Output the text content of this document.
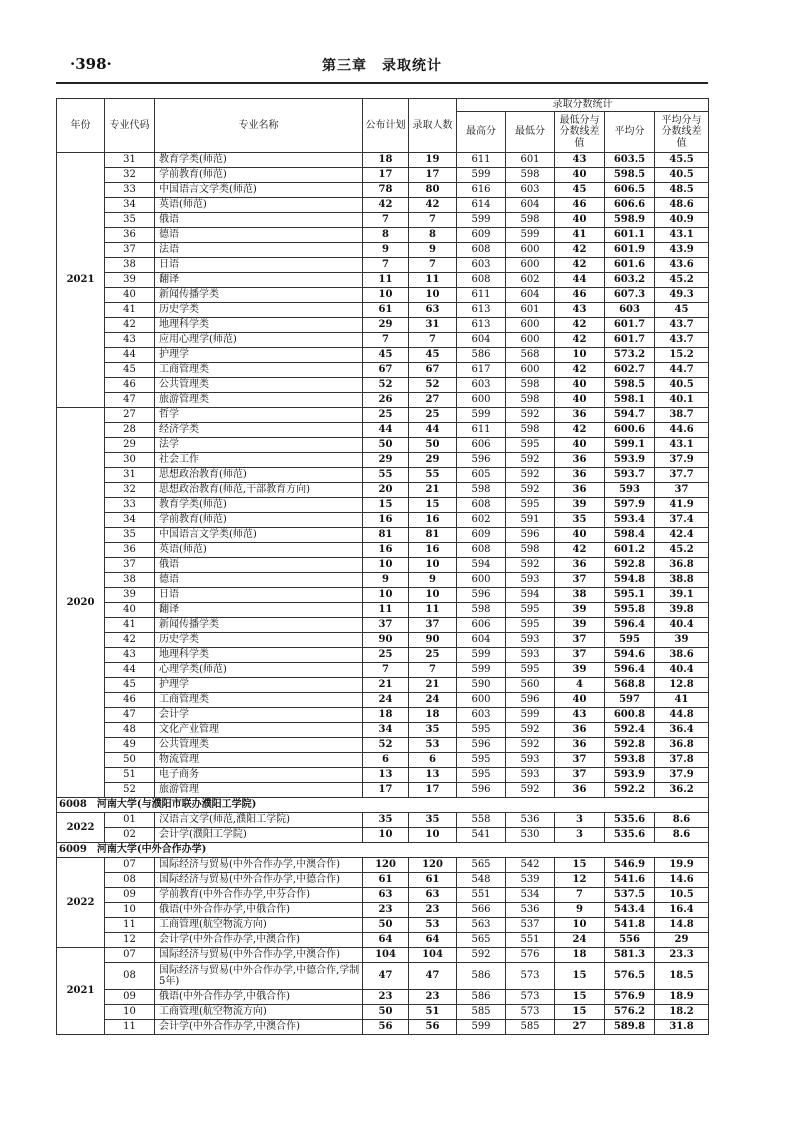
·398·	第三章　录取统计
年份	专业代码	专业名称	公布计划	录取人数	录取分数统计				
					最高分	最低分	最低分与分数线差值	平均分	平均分与分数线差值
2021	31	教育学类(师范)	18	19	611	601	43	603.5	45.5
	32	学前教育(师范)	17	17	599	598	40	598.5	40.5
	33	中国语言文学类(师范)	78	80	616	603	45	606.5	48.5
	34	英语(师范)	42	42	614	604	46	606.6	48.6
	35	俄语	7	7	599	598	40	598.9	40.9
	36	德语	8	8	609	599	41	601.1	43.1
	37	法语	9	9	608	600	42	601.9	43.9
	38	日语	7	7	603	600	42	601.6	43.6
	39	翻译	11	11	608	602	44	603.2	45.2
	40	新闻传播学类	10	10	611	604	46	607.3	49.3
	41	历史学类	61	63	613	601	43	603	45
	42	地理科学类	29	31	613	600	42	601.7	43.7
	43	应用心理学(师范)	7	7	604	600	42	601.7	43.7
	44	护理学	45	45	586	568	10	573.2	15.2
	45	工商管理类	67	67	617	600	42	602.7	44.7
	46	公共管理类	52	52	603	598	40	598.5	40.5
	47	旅游管理类	26	27	600	598	40	598.1	40.1
2020	27	哲学	25	25	599	592	36	594.7	38.7
	28	经济学类	44	44	611	598	42	600.6	44.6
	29	法学	50	50	606	595	40	599.1	43.1
	30	社会工作	29	29	596	592	36	593.9	37.9
	31	思想政治教育(师范)	55	55	605	592	36	593.7	37.7
	32	思想政治教育(师范,干部教育方向)	20	21	598	592	36	593	37
	33	教育学类(师范)	15	15	608	595	39	597.9	41.9
	34	学前教育(师范)	16	16	602	591	35	593.4	37.4
	35	中国语言文学类(师范)	81	81	609	596	40	598.4	42.4
	36	英语(师范)	16	16	608	598	42	601.2	45.2
	37	俄语	10	10	594	592	36	592.8	36.8
	38	德语	9	9	600	593	37	594.8	38.8
	39	日语	10	10	596	594	38	595.1	39.1
	40	翻译	11	11	598	595	39	595.8	39.8
	41	新闻传播学类	37	37	606	595	39	596.4	40.4
	42	历史学类	90	90	604	593	37	595	39
	43	地理科学类	25	25	599	593	37	594.6	38.6
	44	心理学类(师范)	7	7	599	595	39	596.4	40.4
	45	护理学	21	21	590	560	4	568.8	12.8
	46	工商管理类	24	24	600	596	40	597	41
	47	会计学	18	18	603	599	43	600.8	44.8
	48	文化产业管理	34	35	595	592	36	592.4	36.4
	49	公共管理类	52	53	596	592	36	592.8	36.8
	50	物流管理	6	6	595	593	37	593.8	37.8
	51	电子商务	13	13	595	593	37	593.9	37.9
	52	旅游管理	17	17	596	592	36	592.2	36.2
6008　河南大学(与濮阳市联办濮阳工学院)									
2022	01	汉语言文学(师范,濮阳工学院)	35	35	558	536	3	535.6	8.6
	02	会计学(濮阳工学院)	10	10	541	530	3	535.6	8.6
6009　河南大学(中外合作办学)									
2022	07	国际经济与贸易(中外合作办学,中澳合作)	120	120	565	542	15	546.9	19.9
	08	国际经济与贸易(中外合作办学,中德合作)	61	61	548	539	12	541.6	14.6
	09	学前教育(中外合作办学,中芬合作)	63	63	551	534	7	537.5	10.5
	10	俄语(中外合作办学,中俄合作)	23	23	566	536	9	543.4	16.4
	11	工商管理(航空物流方向)	50	53	563	537	10	541.8	14.8
	12	会计学(中外合作办学,中澳合作)	64	64	565	551	24	556	29
2021	07	国际经济与贸易(中外合作办学,中澳合作)	104	104	592	576	18	581.3	23.3
	08	国际经济与贸易(中外合作办学,中德合作,学制5年)	47	47	586	573	15	576.5	18.5
	09	俄语(中外合作办学,中俄合作)	23	23	586	573	15	576.9	18.9
	10	工商管理(航空物流方向)	50	51	585	573	15	576.2	18.2
	11	会计学(中外合作办学,中澳合作)	56	56	599	585	27	589.8	31.8
